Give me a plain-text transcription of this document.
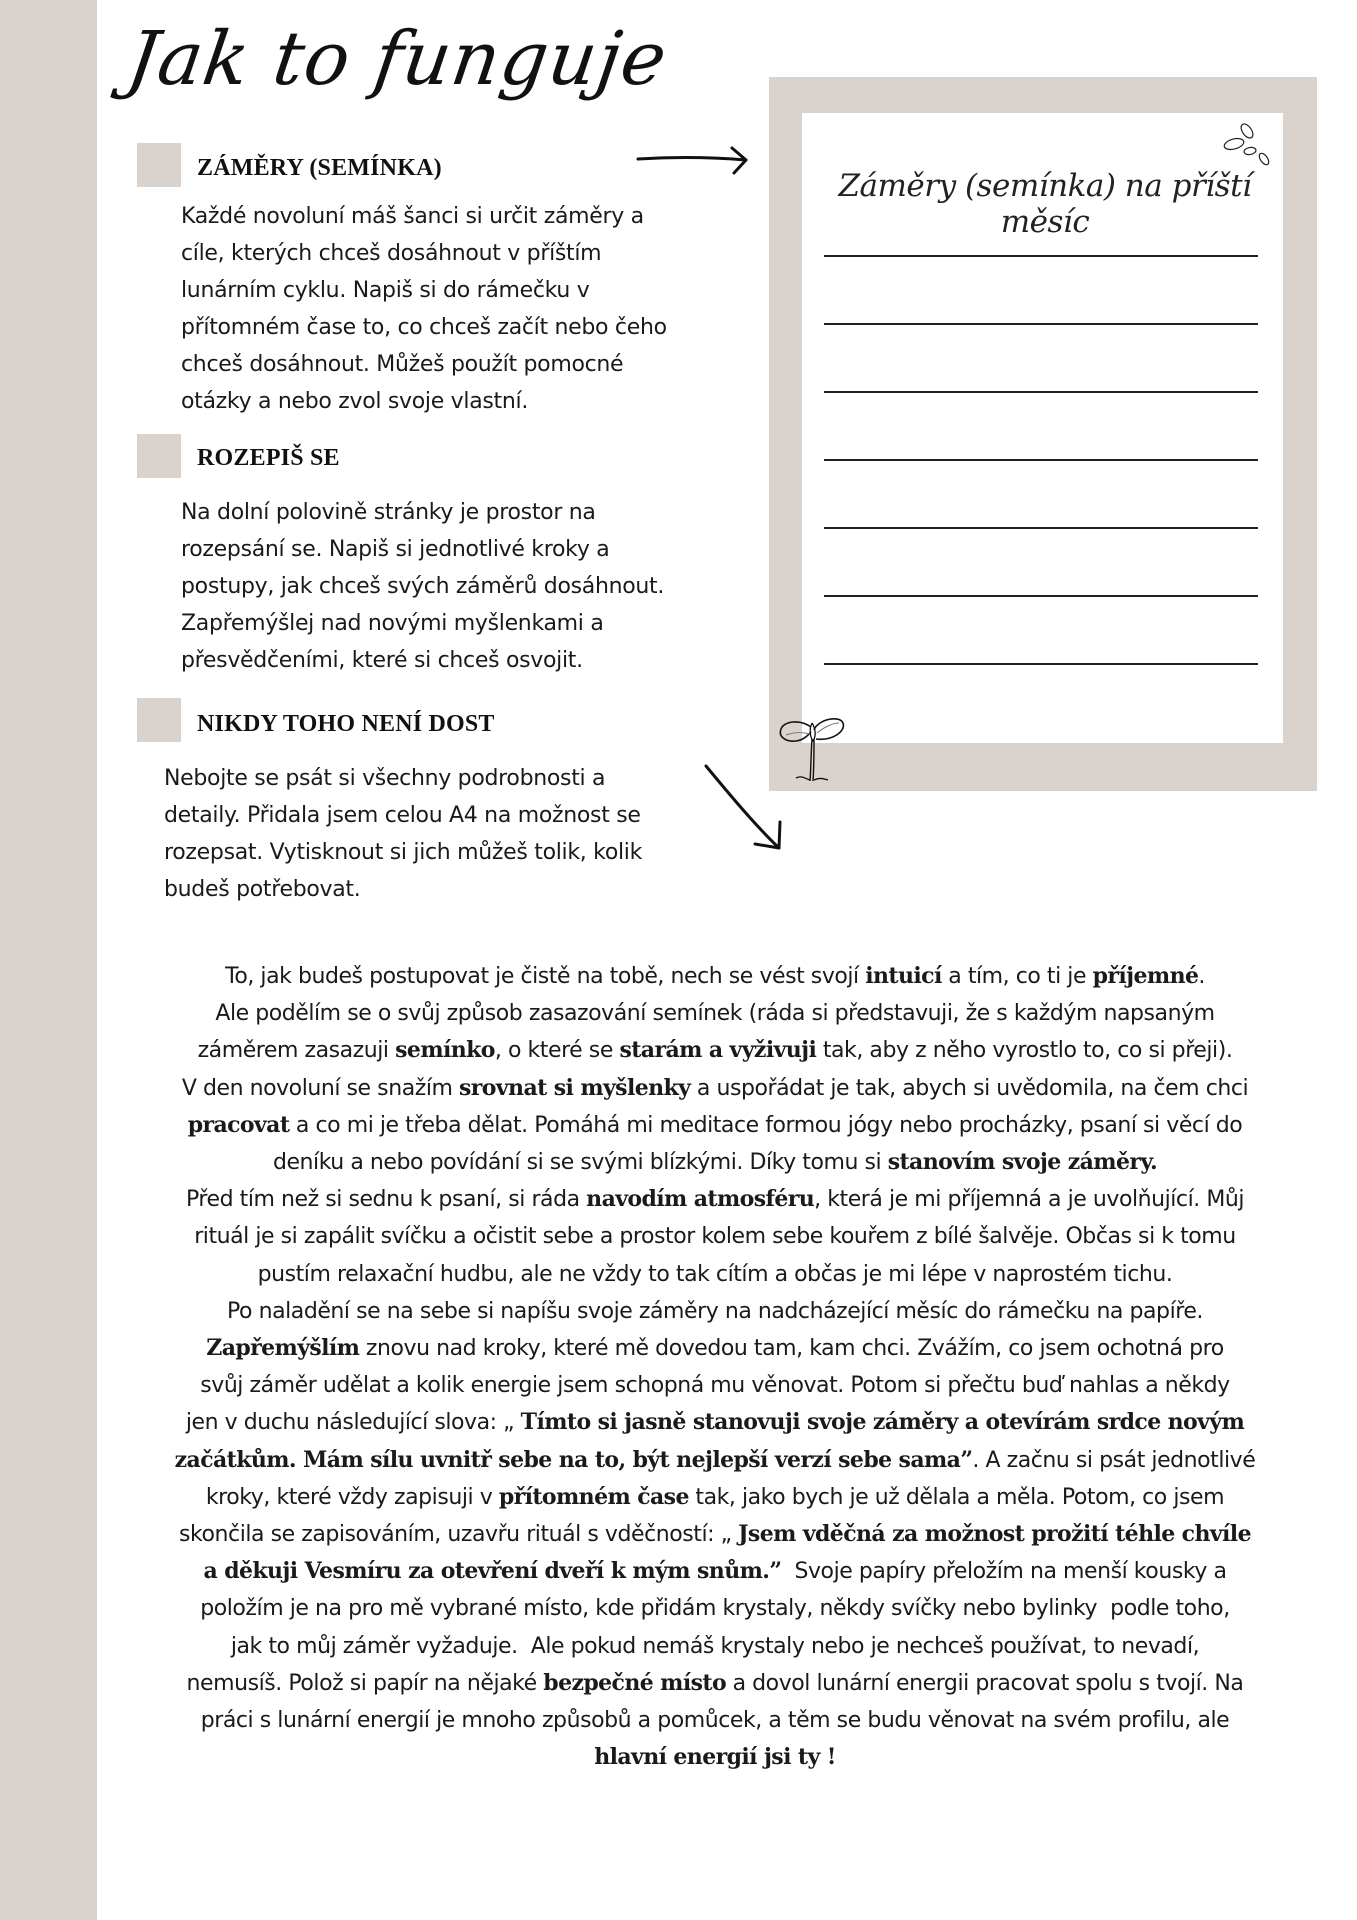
Jak to funguje
ZÁMĚRY (SEMÍNKA)
Každé novoluní máš šanci si určit záměry a
cíle, kterých chceš dosáhnout v příštím
lunárním cyklu. Napiš si do rámečku v
přítomném čase to, co chceš začít nebo čeho
chceš dosáhnout. Můžeš použít pomocné
otázky a nebo zvol svoje vlastní.
ROZEPIŠ SE
Na dolní polovině stránky je prostor na
rozepsání se. Napiš si jednotlivé kroky a
postupy, jak chceš svých záměrů dosáhnout.
Zapřemýšlej nad novými myšlenkami a
přesvědčeními, které si chceš osvojit.
NIKDY TOHO NENÍ DOST
Nebojte se psát si všechny podrobnosti a
detaily. Přidala jsem celou A4 na možnost se
rozepsat. Vytisknout si jich můžeš tolik, kolik
budeš potřebovat.
Záměry (semínka) na příští měsíc
To, jak budeš postupovat je čistě na tobě, nech se vést svojí intuicí a tím, co ti je příjemné.
Ale podělím se o svůj způsob zasazování semínek (ráda si představuji, že s každým napsaným
záměrem zasazuji semínko, o které se starám a vyživuji tak, aby z něho vyrostlo to, co si přeji).
V den novoluní se snažím srovnat si myšlenky a uspořádat je tak, abych si uvědomila, na čem chci
pracovat a co mi je třeba dělat. Pomáhá mi meditace formou jógy nebo procházky, psaní si věcí do
deníku a nebo povídání si se svými blízkými. Díky tomu si stanovím svoje záměry.
Před tím než si sednu k psaní, si ráda navodím atmosféru, která je mi příjemná a je uvolňující. Můj
rituál je si zapálit svíčku a očistit sebe a prostor kolem sebe kouřem z bílé šalvěje. Občas si k tomu
pustím relaxační hudbu, ale ne vždy to tak cítím a občas je mi lépe v naprostém tichu.
Po naladění se na sebe si napíšu svoje záměry na nadcházející měsíc do rámečku na papíře.
Zapřemýšlím znovu nad kroky, které mě dovedou tam, kam chci. Zvážím, co jsem ochotná pro
svůj záměr udělat a kolik energie jsem schopná mu věnovat. Potom si přečtu buď nahlas a někdy
jen v duchu následující slova: „ Tímto si jasně stanovuji svoje záměry a otevírám srdce novým
začátkům. Mám sílu uvnitř sebe na to, být nejlepší verzí sebe sama”. A začnu si psát jednotlivé
kroky, které vždy zapisuji v přítomném čase tak, jako bych je už dělala a měla. Potom, co jsem
skončila se zapisováním, uzavřu rituál s vděčností: „ Jsem vděčná za možnost prožití téhle chvíle
a děkuji Vesmíru za otevření dveří k mým snům.”  Svoje papíry přeložím na menší kousky a
položím je na pro mě vybrané místo, kde přidám krystaly, někdy svíčky nebo bylinky  podle toho,
jak to můj záměr vyžaduje.  Ale pokud nemáš krystaly nebo je nechceš používat, to nevadí,
nemusíš. Polož si papír na nějaké bezpečné místo a dovol lunární energii pracovat spolu s tvojí. Na
práci s lunární energií je mnoho způsobů a pomůcek, a těm se budu věnovat na svém profilu, ale
hlavní energií jsi ty !
